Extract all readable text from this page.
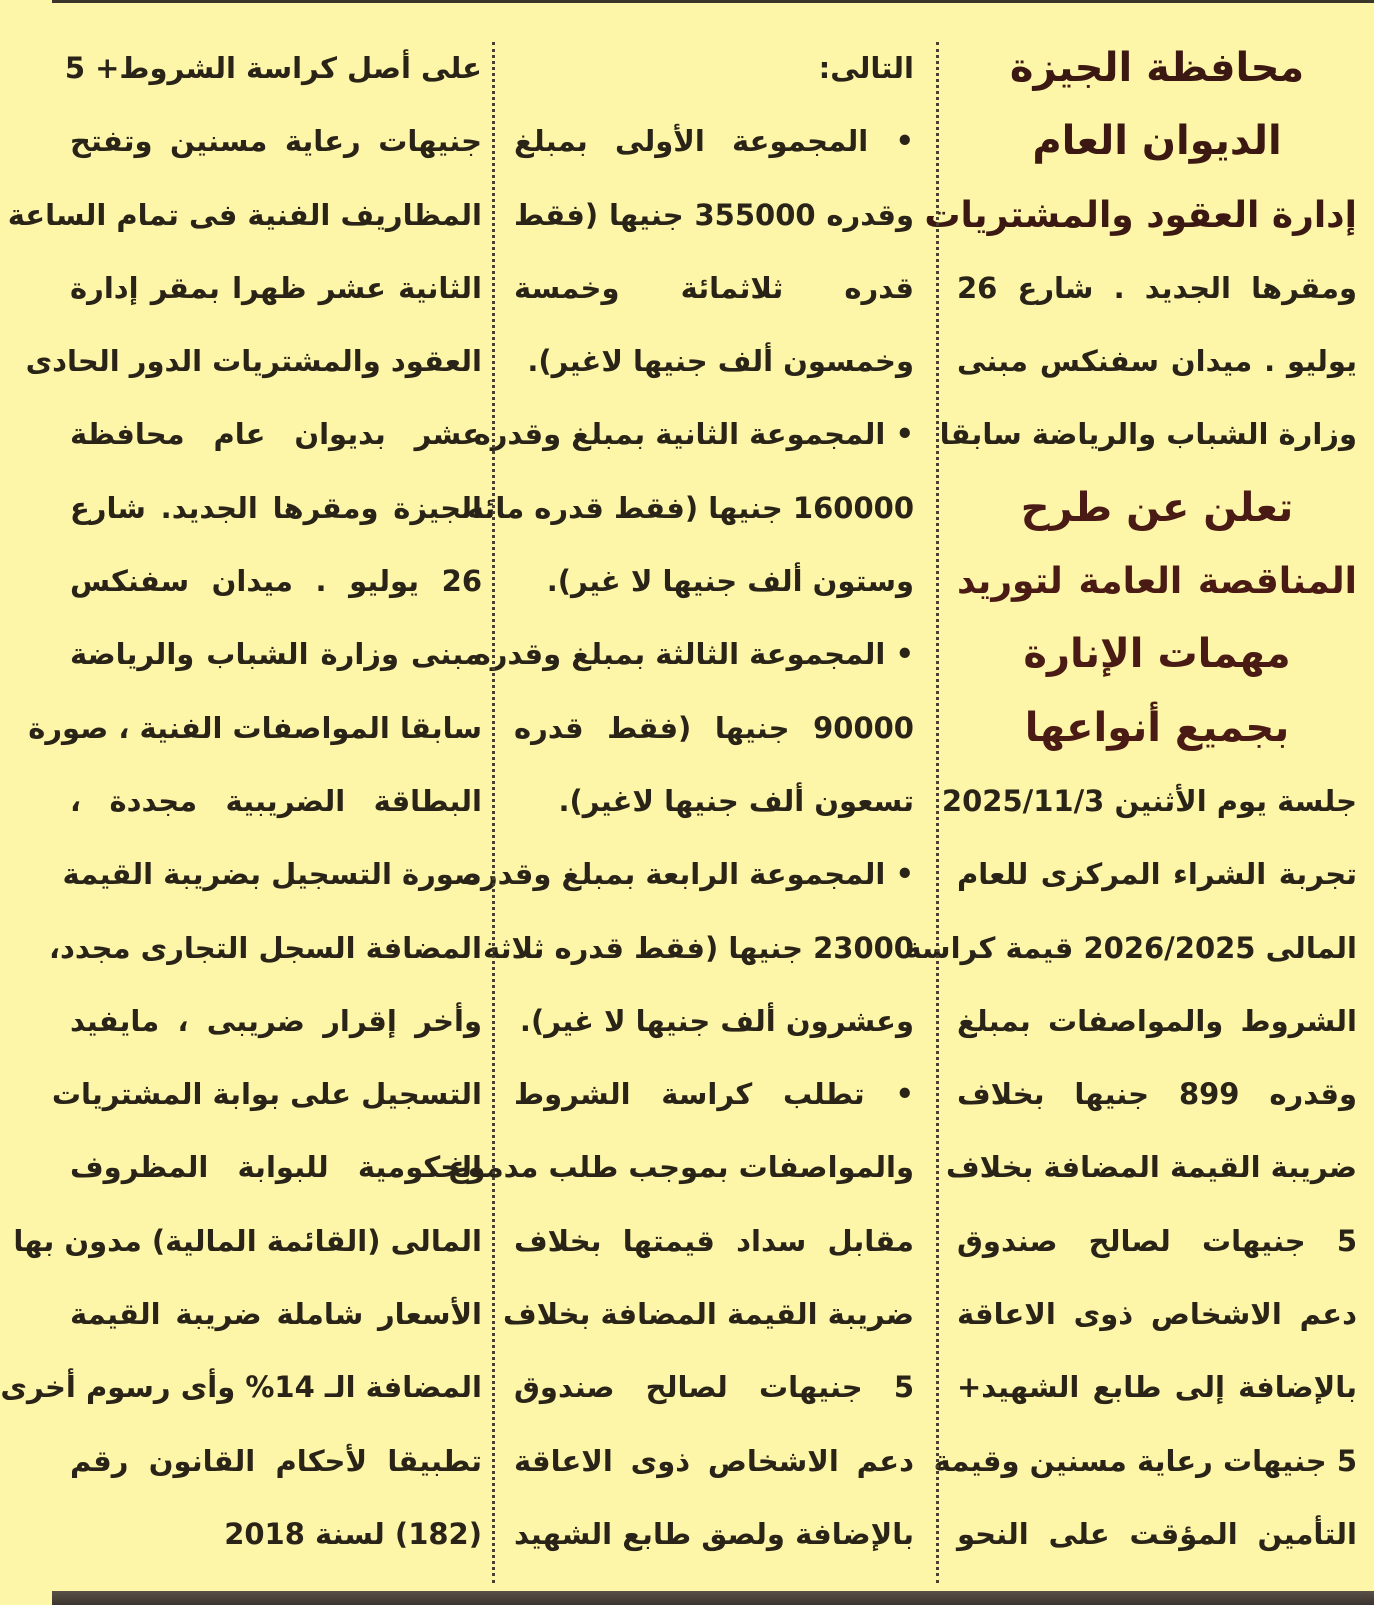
محافظة الجيزة
الديوان العام
إدارة العقود والمشتريات
ومقرها الجديد . شارع 26
يوليو . ميدان سفنكس مبنى
وزارة الشباب والرياضة سابقا
تعلن عن طرح
المناقصة العامة لتوريد
مهمات الإنارة
بجميع أنواعها
جلسة يوم الأثنين 2025/11/3
تجربة الشراء المركزى للعام
المالى 2026/2025 قيمة كراسة
الشروط والمواصفات بمبلغ
وقدره 899 جنيها بخلاف
ضريبة القيمة المضافة بخلاف
5 جنيهات لصالح صندوق
دعم الاشخاص ذوى الاعاقة
بالإضافة إلى طابع الشهيد+
5 جنيهات رعاية مسنين وقيمة
التأمين المؤقت على النحو
التالى:
• المجموعة الأولى بمبلغ
وقدره 355000 جنيها (فقط
قدره ثلاثمائة وخمسة
وخمسون ألف جنيها لاغير).
• المجموعة الثانية بمبلغ وقدره
160000 جنيها (فقط قدره مائه
وستون ألف جنيها لا غير).
• المجموعة الثالثة بمبلغ وقدره
90000 جنيها (فقط قدره
تسعون ألف جنيها لاغير).
• المجموعة الرابعة بمبلغ وقدره
23000 جنيها (فقط قدره ثلاثة
وعشرون ألف جنيها لا غير).
• تطلب كراسة الشروط
والمواصفات بموجب طلب مدموغ
مقابل سداد قيمتها بخلاف
ضريبة القيمة المضافة بخلاف
5 جنيهات لصالح صندوق
دعم الاشخاص ذوى الاعاقة
بالإضافة ولصق طابع الشهيد
على أصل كراسة الشروط+ 5
جنيهات رعاية مسنين وتفتح
المظاريف الفنية فى تمام الساعة
الثانية عشر ظهرا بمقر إدارة
العقود والمشتريات الدور الحادى
عشر بديوان عام محافظة
الجيزة ومقرها الجديد. شارع
26 يوليو . ميدان سفنكس
مبنى وزارة الشباب والرياضة
سابقا المواصفات الفنية ، صورة
البطاقة الضريبية مجددة ،
صورة التسجيل بضريبة القيمة
المضافة السجل التجارى مجدد،
وأخر إقرار ضريبى ، مايفيد
التسجيل على بوابة المشتريات
الحكومية للبوابة المظروف
المالى (القائمة المالية) مدون بها
الأسعار شاملة ضريبة القيمة
المضافة الـ 14% وأى رسوم أخرى
تطبيقا لأحكام القانون رقم
(182) لسنة 2018
